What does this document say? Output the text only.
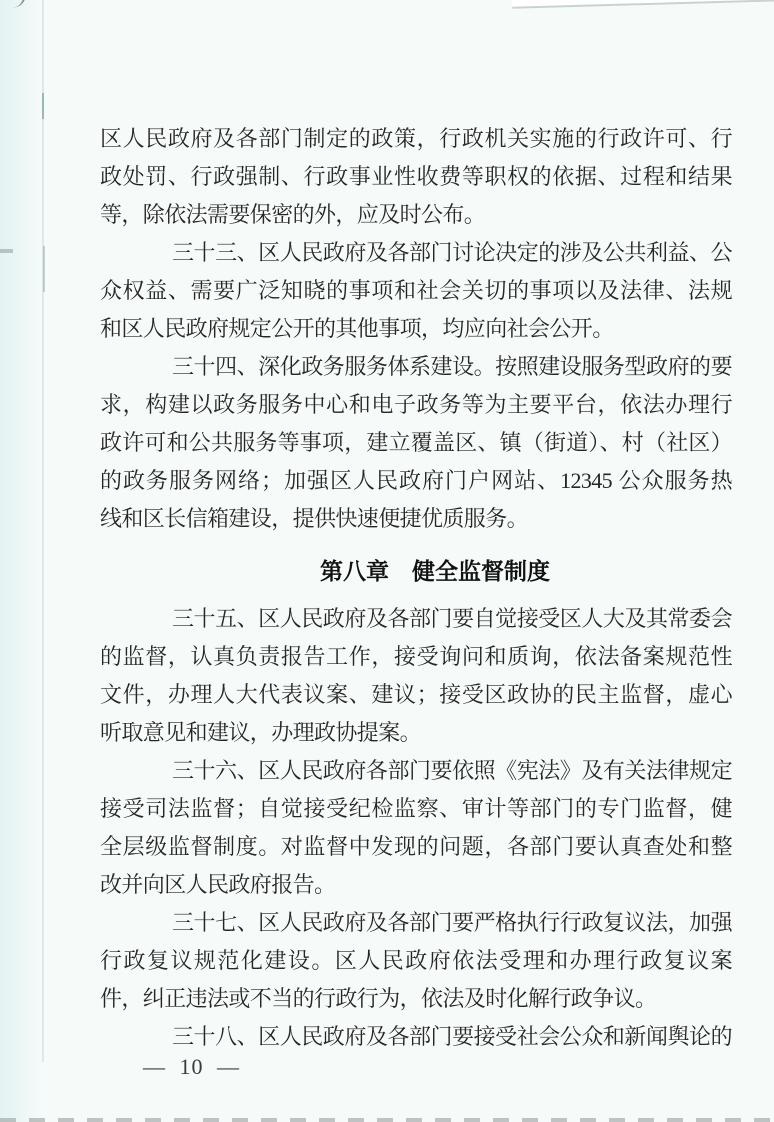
区人民政府及各部门制定的政策，行政机关实施的行政许可、行
政处罚、行政强制、行政事业性收费等职权的依据、过程和结果
等，除依法需要保密的外，应及时公布。

三十三、区人民政府及各部门讨论决定的涉及公共利益、公
众权益、需要广泛知晓的事项和社会关切的事项以及法律、法规
和区人民政府规定公开的其他事项，均应向社会公开。

三十四、深化政务服务体系建设。按照建设服务型政府的要
求，构建以政务服务中心和电子政务等为主要平台，依法办理行
政许可和公共服务等事项，建立覆盖区、镇（街道）、村（社区）
的政务服务网络；加强区人民政府门户网站、12345 公众服务热
线和区长信箱建设，提供快速便捷优质服务。

第八章　健全监督制度

三十五、区人民政府及各部门要自觉接受区人大及其常委会
的监督，认真负责报告工作，接受询问和质询，依法备案规范性
文件，办理人大代表议案、建议；接受区政协的民主监督，虚心
听取意见和建议，办理政协提案。

三十六、区人民政府各部门要依照《宪法》及有关法律规定
接受司法监督；自觉接受纪检监察、审计等部门的专门监督，健
全层级监督制度。对监督中发现的问题，各部门要认真查处和整
改并向区人民政府报告。

三十七、区人民政府及各部门要严格执行行政复议法，加强
行政复议规范化建设。区人民政府依法受理和办理行政复议案
件，纠正违法或不当的行政行为，依法及时化解行政争议。

三十八、区人民政府及各部门要接受社会公众和新闻舆论的

— 10 —
